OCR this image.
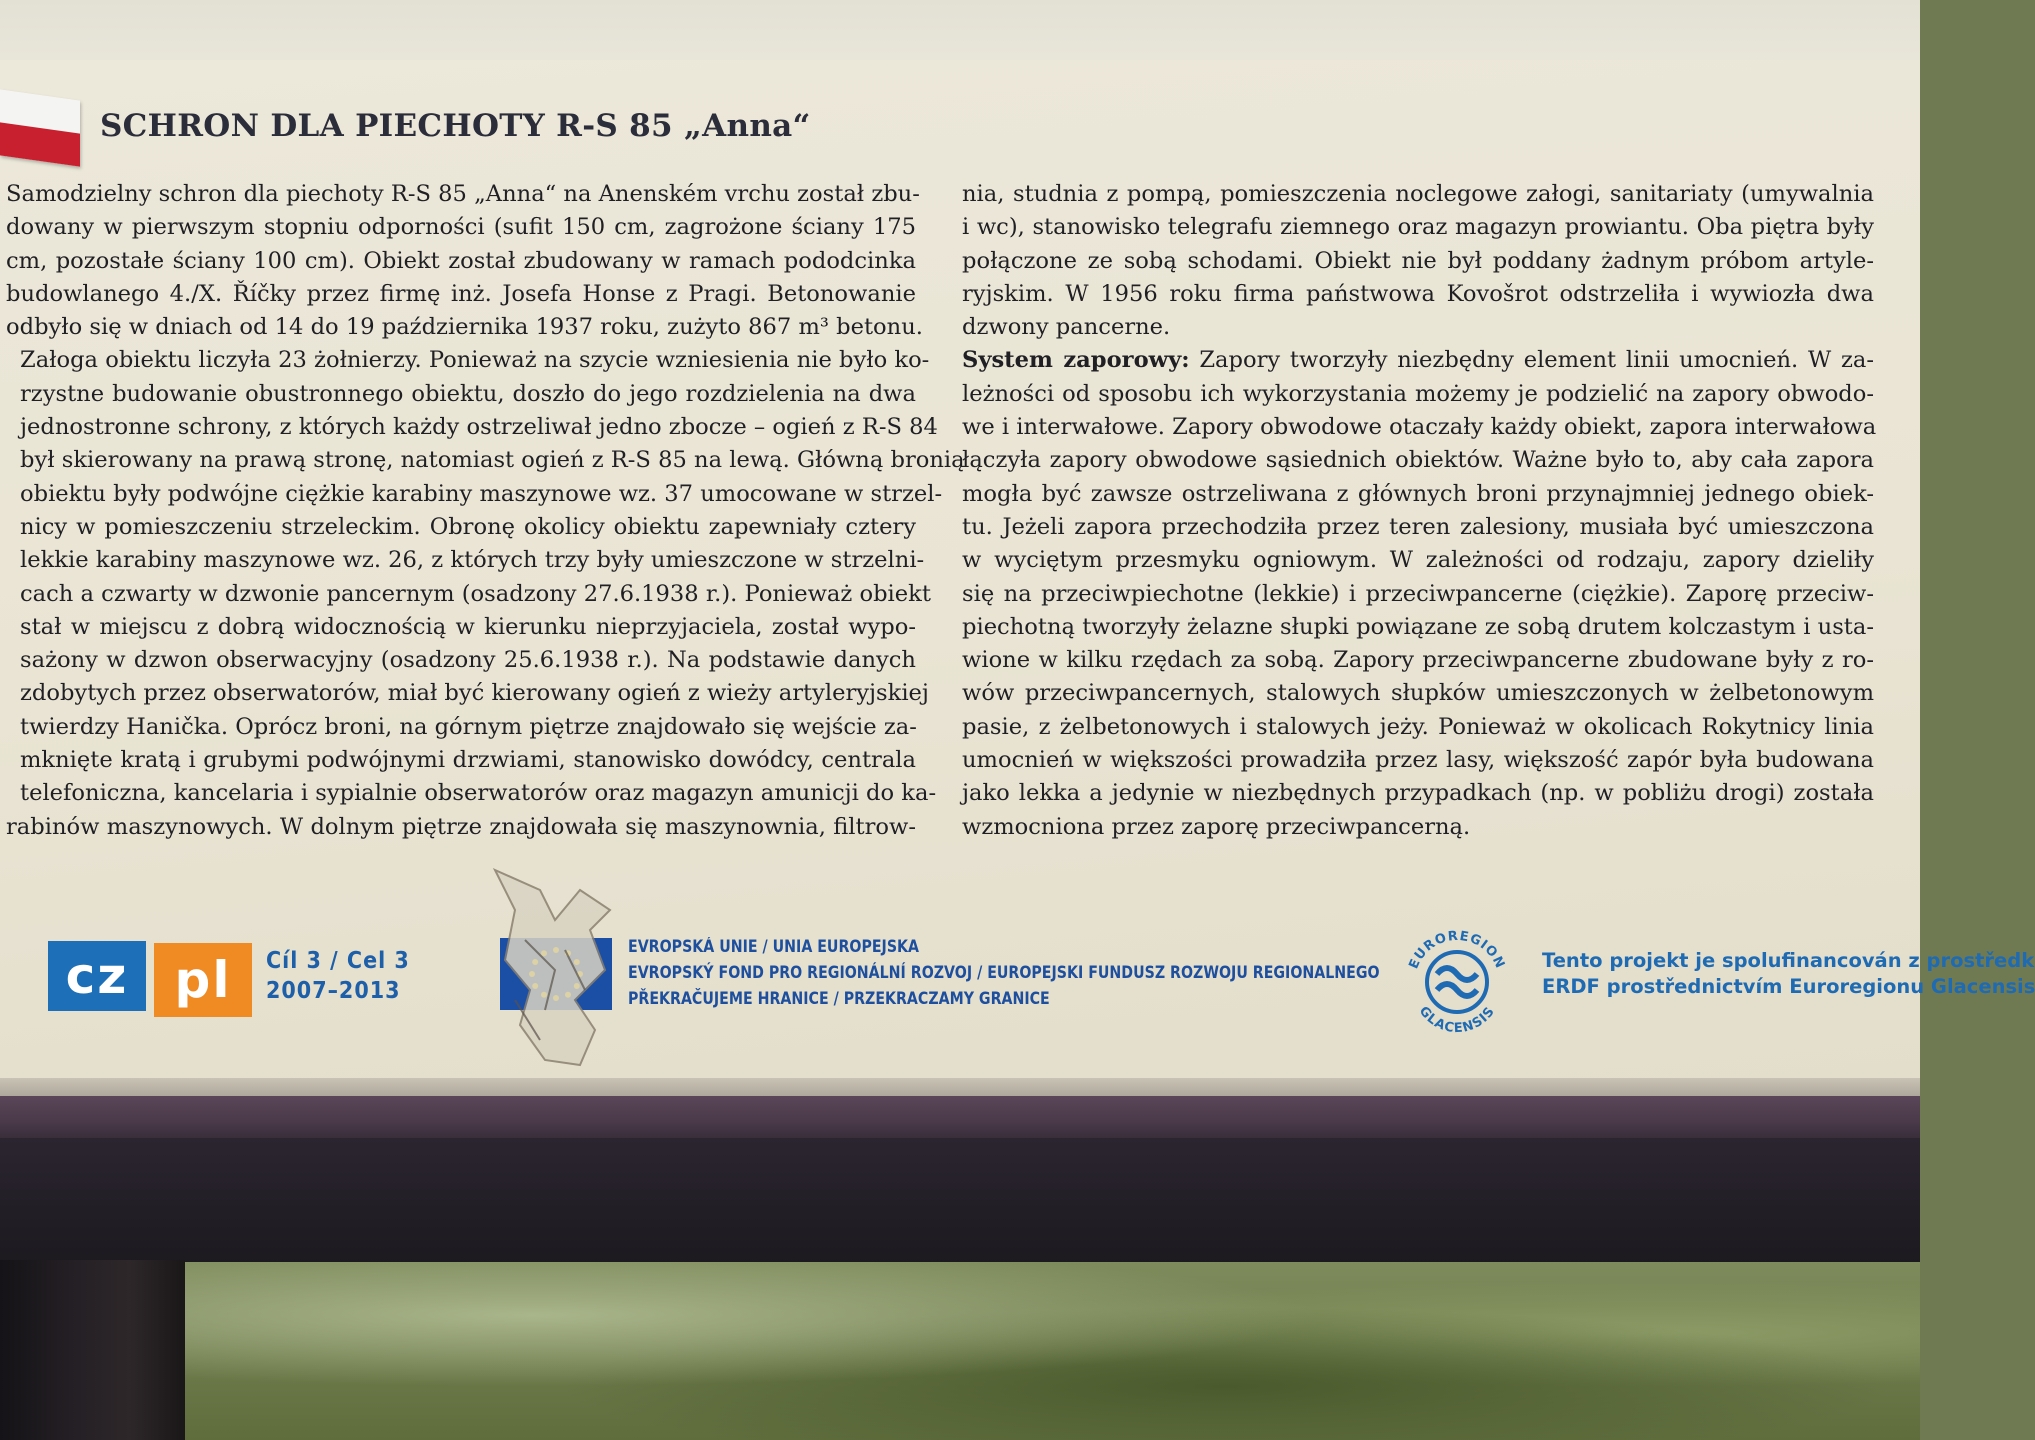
SCHRON DLA PIECHOTY R-S 85 „Anna“
Samodzielny schron dla piechoty R-S 85 „Anna“ na Anenském vrchu został zbu-
dowany w pierwszym stopniu odporności (sufit 150 cm, zagrożone ściany 175
cm, pozostałe ściany 100 cm). Obiekt został zbudowany w ramach pododcinka
budowlanego 4./X. Říčky przez firmę inż. Josefa Honse z Pragi. Betonowanie
odbyło się w dniach od 14 do 19 października 1937 roku, zużyto 867 m³ betonu.
Załoga obiektu liczyła 23 żołnierzy. Ponieważ na szycie wzniesienia nie było ko-
rzystne budowanie obustronnego obiektu, doszło do jego rozdzielenia na dwa
jednostronne schrony, z których każdy ostrzeliwał jedno zbocze – ogień z R-S 84
był skierowany na prawą stronę, natomiast ogień z R-S 85 na lewą. Główną bronią
obiektu były podwójne ciężkie karabiny maszynowe wz. 37 umocowane w strzel-
nicy w pomieszczeniu strzeleckim. Obronę okolicy obiektu zapewniały cztery
lekkie karabiny maszynowe wz. 26, z których trzy były umieszczone w strzelni-
cach a czwarty w dzwonie pancernym (osadzony 27.6.1938 r.). Ponieważ obiekt
stał w miejscu z dobrą widocznością w kierunku nieprzyjaciela, został wypo-
sażony w dzwon obserwacyjny (osadzony 25.6.1938 r.). Na podstawie danych
zdobytych przez obserwatorów, miał być kierowany ogień z wieży artyleryjskiej
twierdzy Hanička. Oprócz broni, na górnym piętrze znajdowało się wejście za-
mknięte kratą i grubymi podwójnymi drzwiami, stanowisko dowódcy, centrala
telefoniczna, kancelaria i sypialnie obserwatorów oraz magazyn amunicji do ka-
rabinów maszynowych. W dolnym piętrze znajdowała się maszynownia, filtrow-
nia, studnia z pompą, pomieszczenia noclegowe załogi, sanitariaty (umywalnia
i wc), stanowisko telegrafu ziemnego oraz magazyn prowiantu. Oba piętra były
połączone ze sobą schodami. Obiekt nie był poddany żadnym próbom artyle-
ryjskim. W 1956 roku firma państwowa Kovošrot odstrzeliła i wywiozła dwa
dzwony pancerne.
System zaporowy: Zapory tworzyły niezbędny element linii umocnień. W za-
leżności od sposobu ich wykorzystania możemy je podzielić na zapory obwodo-
we i interwałowe. Zapory obwodowe otaczały każdy obiekt, zapora interwałowa
łączyła zapory obwodowe sąsiednich obiektów. Ważne było to, aby cała zapora
mogła być zawsze ostrzeliwana z głównych broni przynajmniej jednego obiek-
tu. Jeżeli zapora przechodziła przez teren zalesiony, musiała być umieszczona
w wyciętym przesmyku ogniowym. W zależności od rodzaju, zapory dzieliły
się na przeciwpiechotne (lekkie) i przeciwpancerne (ciężkie). Zaporę przeciw-
piechotną tworzyły żelazne słupki powiązane ze sobą drutem kolczastym i usta-
wione w kilku rzędach za sobą. Zapory przeciwpancerne zbudowane były z ro-
wów przeciwpancernych, stalowych słupków umieszczonych w żelbetonowym
pasie, z żelbetonowych i stalowych jeży. Ponieważ w okolicach Rokytnicy linia
umocnień w większości prowadziła przez lasy, większość zapór była budowana
jako lekka a jedynie w niezbędnych przypadkach (np. w pobliżu drogi) została
wzmocniona przez zaporę przeciwpancerną.
cz pl	Cíl 3 / Cel 3
2007–2013
EVROPSKÁ UNIE / UNIA EUROPEJSKA
EVROPSKÝ FOND PRO REGIONÁLNÍ ROZVOJ / EUROPEJSKI FUNDUSZ ROZWOJU REGIONALNEGO
PŘEKRAČUJEME HRANICE / PRZEKRACZAMY GRANICE
EUROREGION
GLACENSIS
Tento projekt je spolufinancován z prostředk
ERDF prostřednictvím Euroregionu Glacensis
